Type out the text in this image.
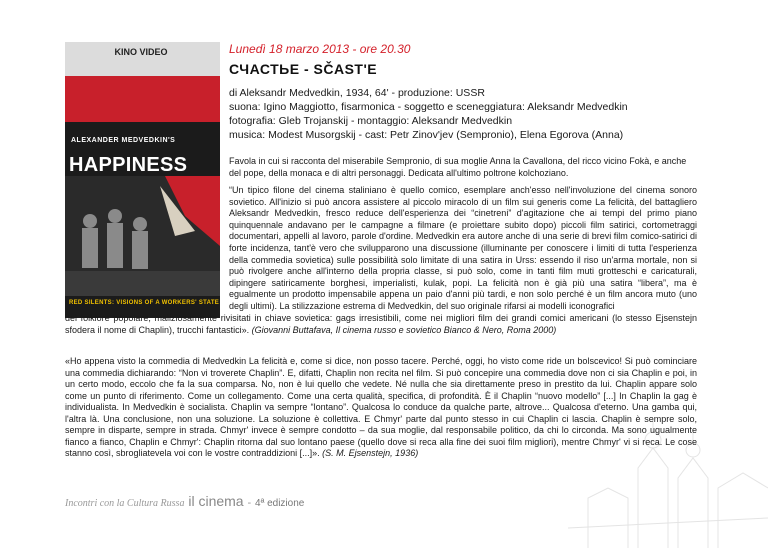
KINO VIDEO
ALEXANDER MEDVEDKIN'S
HAPPINESS
RED SILENTS: VISIONS OF A WORKERS' STATE
Lunedì 18 marzo 2013 - ore 20.30
СЧАСТЬЕ - SČAST'E
di Aleksandr Medvedkin, 1934, 64' - produzione: USSR
suona: Igino Maggiotto, fisarmonica - soggetto e sceneggiatura: Aleksandr Medvedkin
fotografia: Gleb Trojanskij - montaggio: Aleksandr Medvedkin
musica: Modest Musorgskij - cast: Petr Zinov'jev (Sempronio), Elena Egorova (Anna)
Favola in cui si racconta del miserabile Sempronio, di sua moglie Anna la Cavallona, del ricco vicino Fokà, e anche del pope, della monaca e di altri personaggi. Dedicata all'ultimo poltrone kolchoziano.
“Un tipico filone del cinema staliniano è quello comico, esemplare anch'esso nell'involuzione del cinema sonoro sovietico. All'inizio si può ancora assistere al piccolo miracolo di un film sui generis come La felicità, del battagliero Aleksandr Medvedkin, fresco reduce dell'esperienza dei “cinetreni” d'agitazione che ai tempi del primo piano quinquennale andavano per le campagne a filmare (e proiettare subito dopo) piccoli film satirici, cortometraggi documentari, appelli al lavoro, parole d'ordine. Medvedkin era autore anche di una serie di brevi film comico-satirici di forte incidenza, tant'è vero che svilupparono una discussione (illuminante per conoscere i limiti di tutta l'esperienza della commedia sovietica) sulle possibilità solo limitate di una satira in Urss: essendo il riso un'arma mortale, non si può rivolgere anche all'interno della propria classe, si può solo, come in tanti film muti grotteschi e caricaturali, dipingere satiricamente borghesi, imperialisti, kulak, popi. La felicità non è già più una satira “libera”, ma è egualmente un prodotto impensabile appena un paio d'anni più tardi, e non solo perché è un film ancora muto (uno degli ultimi). La stilizzazione estrema di Medvedkin, del suo originale rifarsi ai modelli iconografici
del folklore popolare, maliziosamente rivisitati in chiave sovietica: gags irresistibili, come nei migliori film dei grandi comici americani (lo stesso Ejsenstejn sfodera il nome di Chaplin), trucchi fantastici». (Giovanni Buttafava, Il cinema russo e sovietico Bianco & Nero, Roma 2000)
«Ho appena visto la commedia di Medvedkin La felicità e, come si dice, non posso tacere. Perché, oggi, ho visto come ride un bolscevico! Si può cominciare una commedia dichiarando: “Non vi troverete Chaplin”. E, difatti, Chaplin non recita nel film. Si può concepire una commedia dove non ci sia Chaplin e poi, in un certo modo, eccolo che fa la sua comparsa. No, non è lui quello che vedete. Né nulla che sia direttamente preso in prestito da lui. Chaplin appare solo come un punto di riferimento. Come un collegamento. Come una certa qualità, specifica, di profondità. È il Chaplin “nuovo modello” [...] In Chaplin la gag è individualista. In Medvedkin è socialista. Chaplin va sempre “lontano”. Qualcosa lo conduce da qualche parte, altrove... Qualcosa d'eterno. Una gamba qui, l'altra là. Una conclusione, non una soluzione. La soluzione è collettiva. E Chmyr' parte dal punto stesso in cui Chaplin ci lascia. Chaplin è sempre solo, sempre in disparte, sempre in strada. Chmyr' invece è sempre condotto – da sua moglie, dal responsabile politico, da chi lo circonda. Ma sono ugualmente fianco a fianco, Chaplin e Chmyr': Chaplin ritorna dal suo lontano paese (quello dove si reca alla fine dei suoi film migliori), mentre Chmyr' vi si reca. Le cose stanno così, sbrogliatevela voi con le vostre contraddizioni [...]». (S. M. Ejsenstejn, 1936)
Incontri con la Cultura Russa il cinema - 4ª edizione
